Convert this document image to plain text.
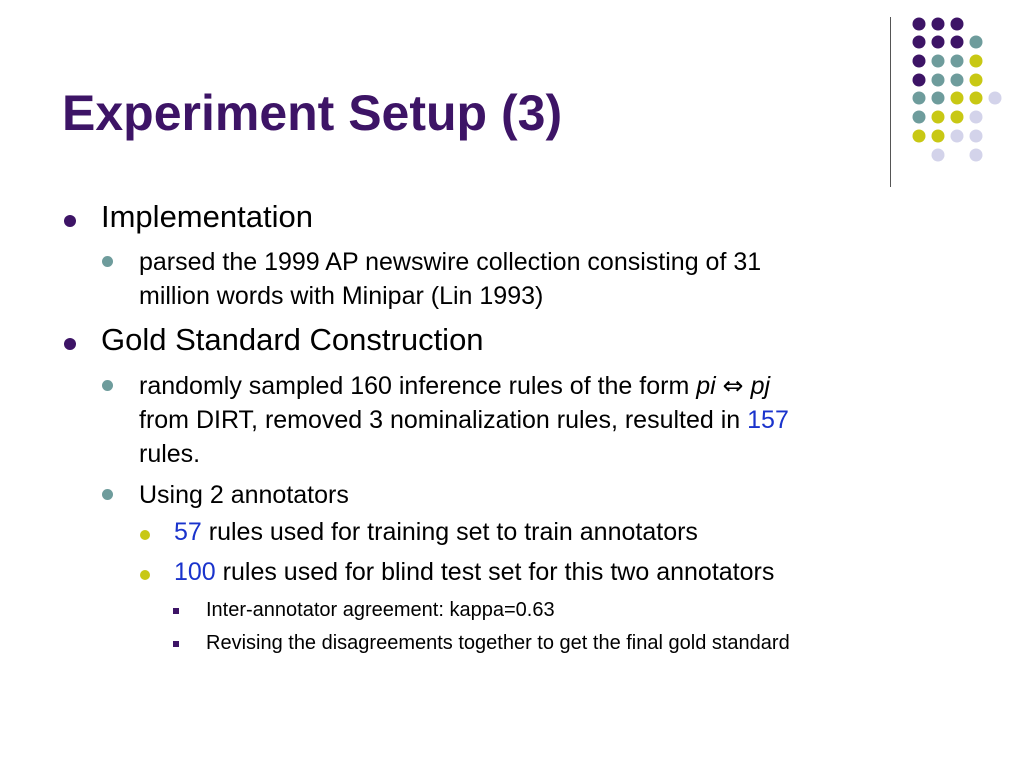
Experiment Setup (3)
Implementation
parsed the 1999 AP newswire collection consisting of 31
million words with Minipar (Lin 1993)
Gold Standard Construction
randomly sampled 160 inference rules of the form pi ⇔ pj
from DIRT, removed 3 nominalization rules, resulted in 157
rules.
Using 2 annotators
57 rules used for training set to train annotators
100 rules used for blind test set for this two annotators
Inter-annotator agreement: kappa=0.63
Revising the disagreements together to get the final gold standard
